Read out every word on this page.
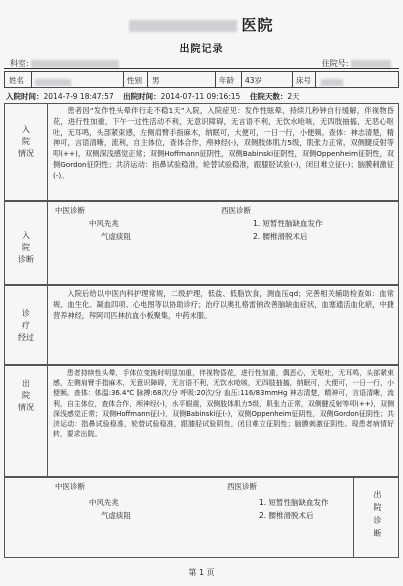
医院
出院记录
科室:	住院号:
姓名	性别 男	年龄 43岁	床号
入院时间：2014-7-9 18:47:57 出院时间：2014-07-11 09:16:15 住院天数：2天
入
院
情况
患者因“发作性头晕伴行走不稳1天”入院，入院症见：发作性眩晕，持续几秒钟自行缓解，伴视物昏花，进行性加重，下午一过性活动不利，无意识障碍，无言语不利，无饮水呛咳，无四肢抽搐，无恶心呕吐，无耳鸣，头部紧束感，左侧肩臂手指麻木，纳眠可，大便可，一日一行，小便频。查体：神志清楚，精神可，言语清晰，流利，自主体位，查体合作，颅神经(-)，双侧肢体肌力5级，肌张力正常，双侧腱反射等叩(++)，双侧深浅感觉正常；双侧Hoffmann征阴性，双侧Babinski征阴性，双侧Oppenheim征阴性，双侧Gordon征阴性；共济运动：指鼻试验稳准，轮替试验稳准，跟膝胫试验(-)，闭目难立征(-)；脑膜刺激征(-)。
入
院
诊断
中医诊断
中风先兆
气虚痰阻
西医诊断
1. 短暂性脑缺血发作
2. 腰椎滑脱术后
诊
疗
经过
入院后给以中医内科护理常规，二级护理，低盐、低脂饮食，测血压qd；完善相关辅助检查如：血常规、血生化、凝血四项、心电图等以协助诊疗；治疗以奥扎格雷钠改善脑缺血症状，血塞通活血化瘀，中捷营养神经，拜阿司匹林抗血小板聚集，中药未服。
出
院
情况
患者持续性头晕，手体位变换时明显加重，伴视物昏花，进行性加重，偶恶心，无呕吐，无耳鸣，头部紧束感，左侧肩臂手指麻木，无意识障碍，无言语不利，无饮水呛咳，无四肢抽搐，纳眠可，大便可，一日一行，小便频。查体：体温:36.4℃ 脉搏:68次/分 呼吸:20次/分 血压:116/83mmHg 神志清楚，精神可，言语清晰，流利，自主体位，查体合作，颅神经(-)，水平眼震，双侧肢体肌力5级，肌张力正常，双侧腱反射等叩(++)，双侧深浅感觉正常；双侧Hoffmann征(-)，双侧Babinski征(-)，双侧Oppenheim征阴性，双侧Gordon征阴性；共济运动：指鼻试验稳准，轮替试验稳准，跟膝胫试验阴性，闭目难立征阴性；脑膜刺激征阴性。现患者病情好转，要求出院。
中医诊断
中风先兆
气虚痰阻
西医诊断
1. 短暂性脑缺血发作
2. 腰椎滑脱术后
出
院
诊
断
第 1 页
